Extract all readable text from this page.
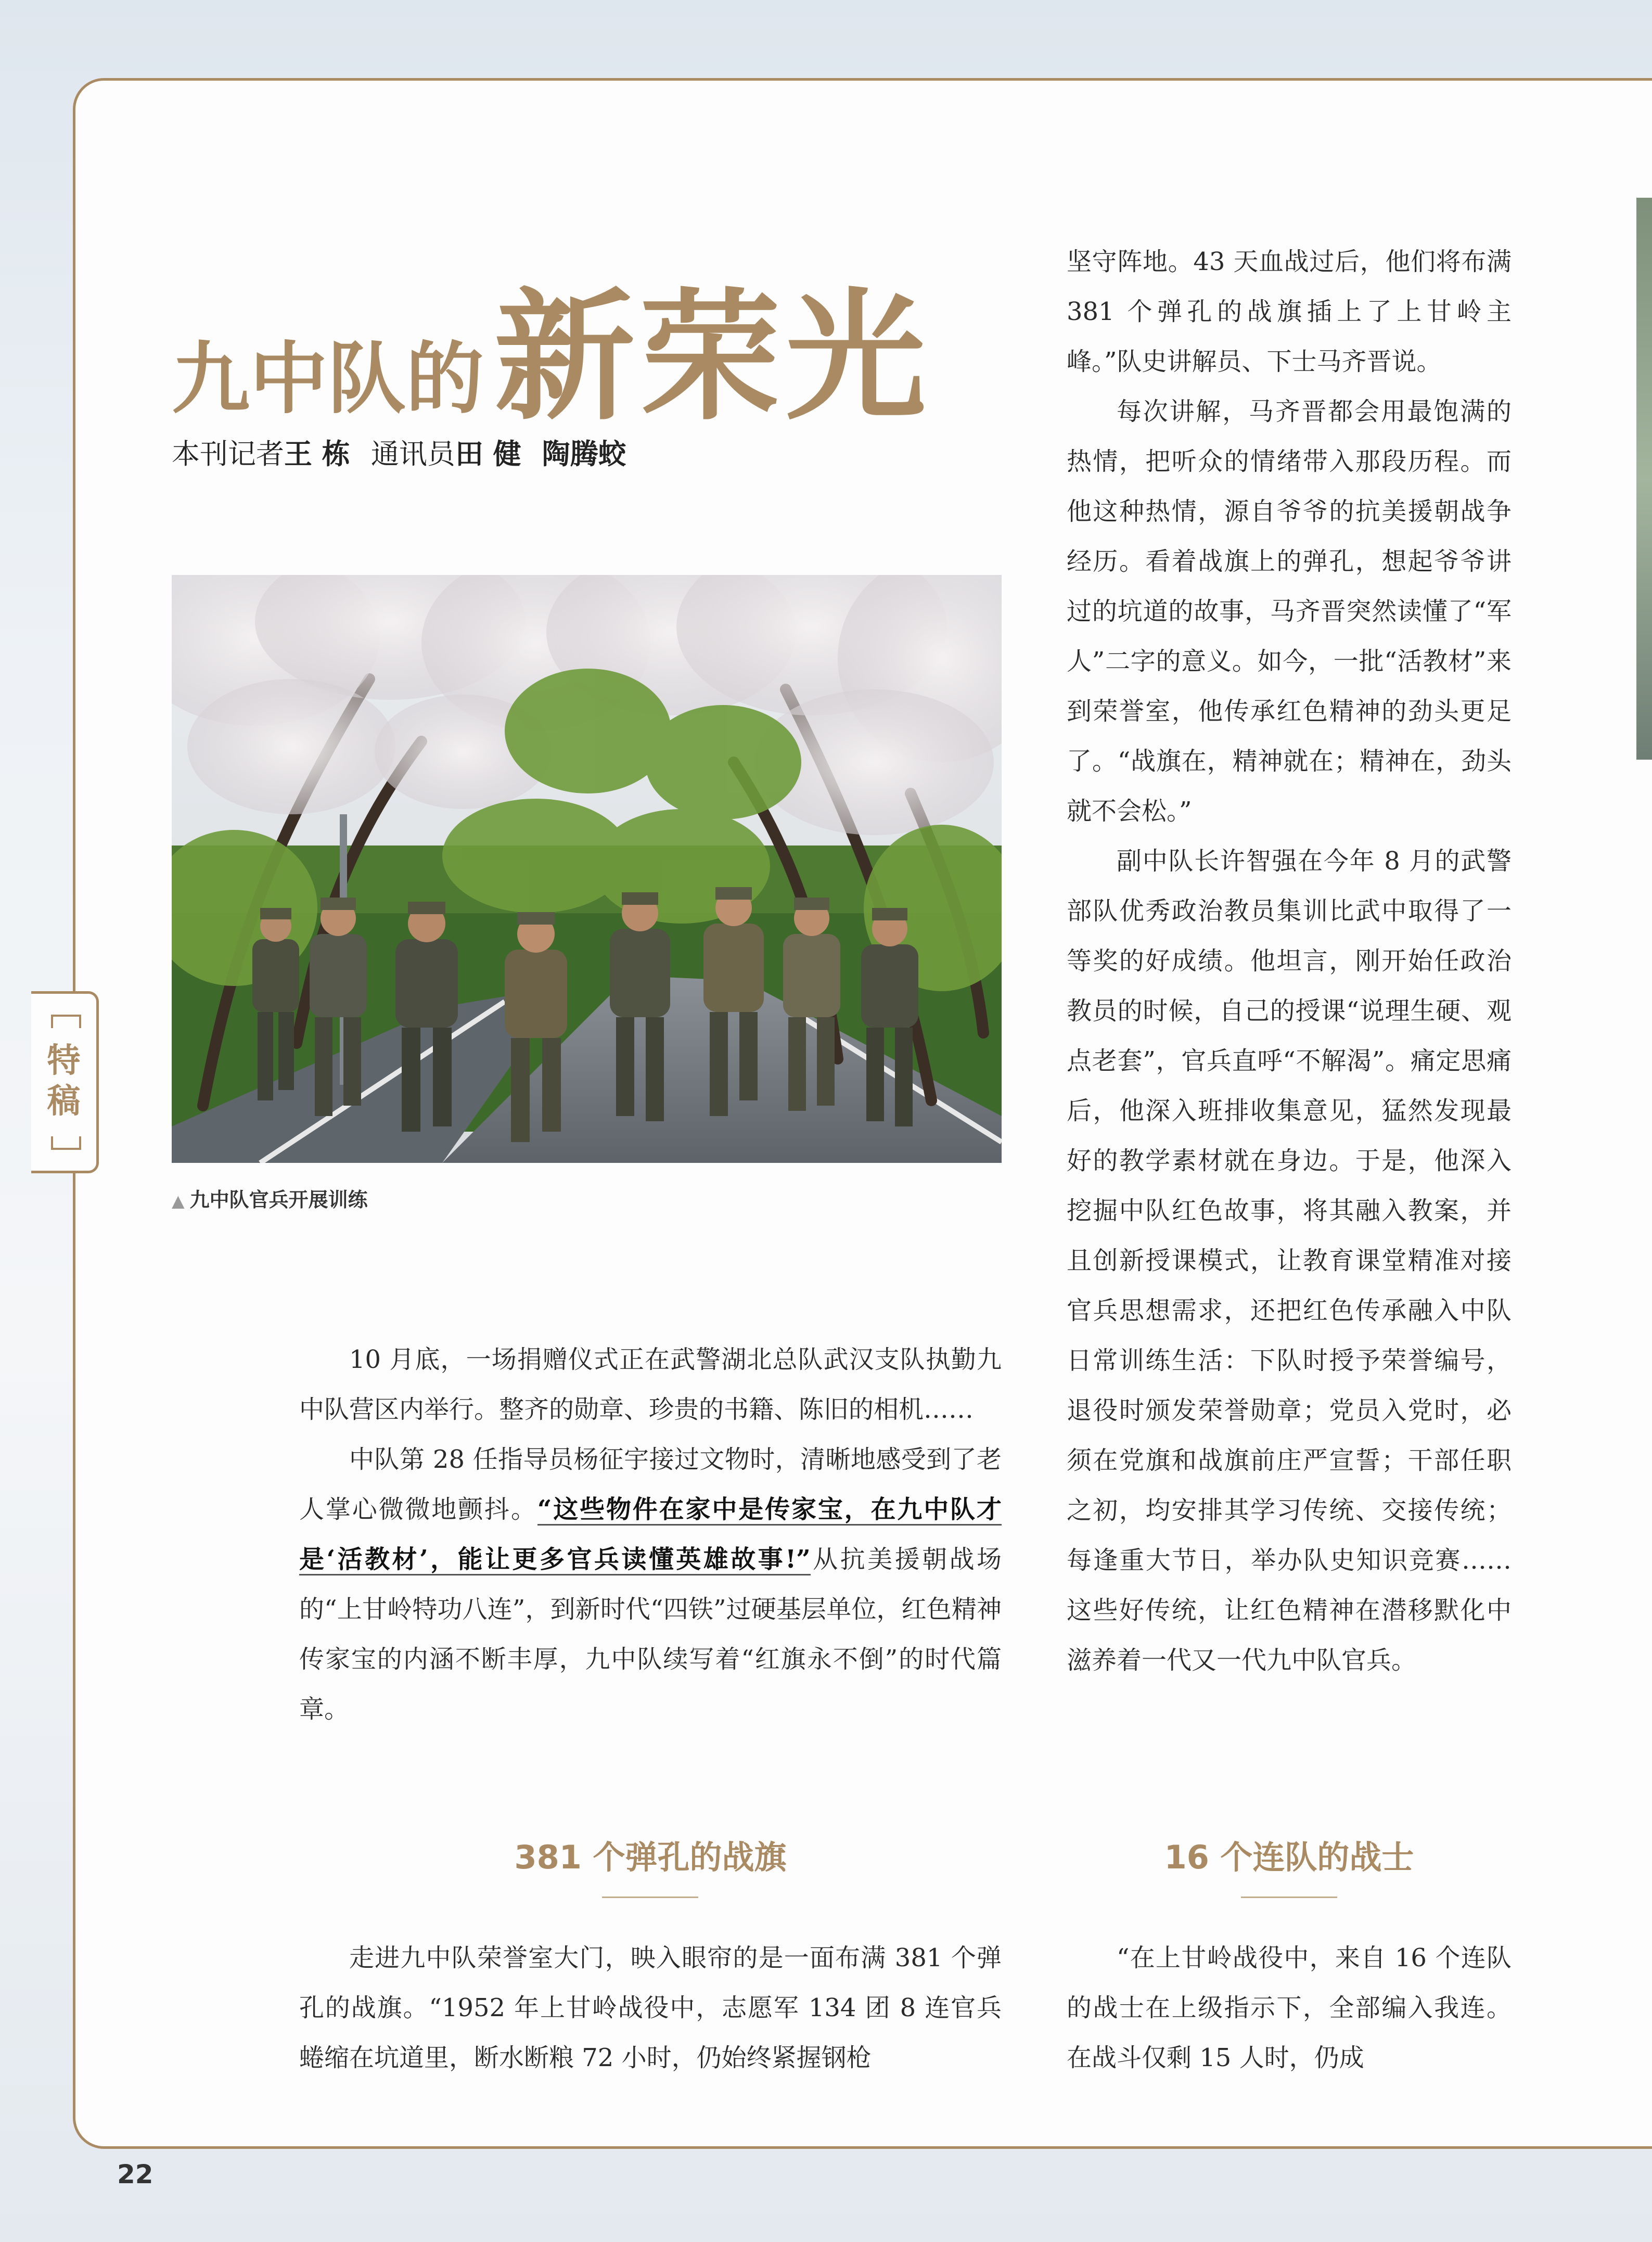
特
稿
九中队的新荣光
本刊记者王 栋 通讯员田 健 陶腾蛟
▲ 九中队官兵开展训练

10 月底，一场捐赠仪式正在武警湖北总队武汉支队执勤九中队营区内举行。整齐的勋章、珍贵的书籍、陈旧的相机……

中队第 28 任指导员杨征宇接过文物时，清晰地感受到了老人掌心微微地颤抖。“这些物件在家中是传家宝，在九中队才是‘活教材’，能让更多官兵读懂英雄故事!”从抗美援朝战场的“上甘岭特功八连”，到新时代“四铁”过硬基层单位，红色精神传家宝的内涵不断丰厚，九中队续写着“红旗永不倒”的时代篇章。

381 个弹孔的战旗

走进九中队荣誉室大门，映入眼帘的是一面布满 381 个弹孔的战旗。“1952 年上甘岭战役中，志愿军 134 团 8 连官兵蜷缩在坑道里，断水断粮 72 小时，仍始终紧握钢枪

坚守阵地。43 天血战过后，他们将布满 381 个弹孔的战旗插上了上甘岭主峰。”队史讲解员、下士马齐晋说。

每次讲解，马齐晋都会用最饱满的热情，把听众的情绪带入那段历程。而他这种热情，源自爷爷的抗美援朝战争经历。看着战旗上的弹孔，想起爷爷讲过的坑道的故事，马齐晋突然读懂了“军人”二字的意义。如今，一批“活教材”来到荣誉室，他传承红色精神的劲头更足了。“战旗在，精神就在；精神在，劲头就不会松。”

副中队长许智强在今年 8 月的武警部队优秀政治教员集训比武中取得了一等奖的好成绩。他坦言，刚开始任政治教员的时候，自己的授课“说理生硬、观点老套”，官兵直呼“不解渴”。痛定思痛后，他深入班排收集意见，猛然发现最好的教学素材就在身边。于是，他深入挖掘中队红色故事，将其融入教案，并且创新授课模式，让教育课堂精准对接官兵思想需求，还把红色传承融入中队日常训练生活：下队时授予荣誉编号，退役时颁发荣誉勋章；党员入党时，必须在党旗和战旗前庄严宣誓；干部任职之初，均安排其学习传统、交接传统；每逢重大节日，举办队史知识竞赛……这些好传统，让红色精神在潜移默化中滋养着一代又一代九中队官兵。

16 个连队的战士

“在上甘岭战役中，来自 16 个连队的战士在上级指示下，全部编入我连。在战斗仅剩 15 人时，仍成

22
